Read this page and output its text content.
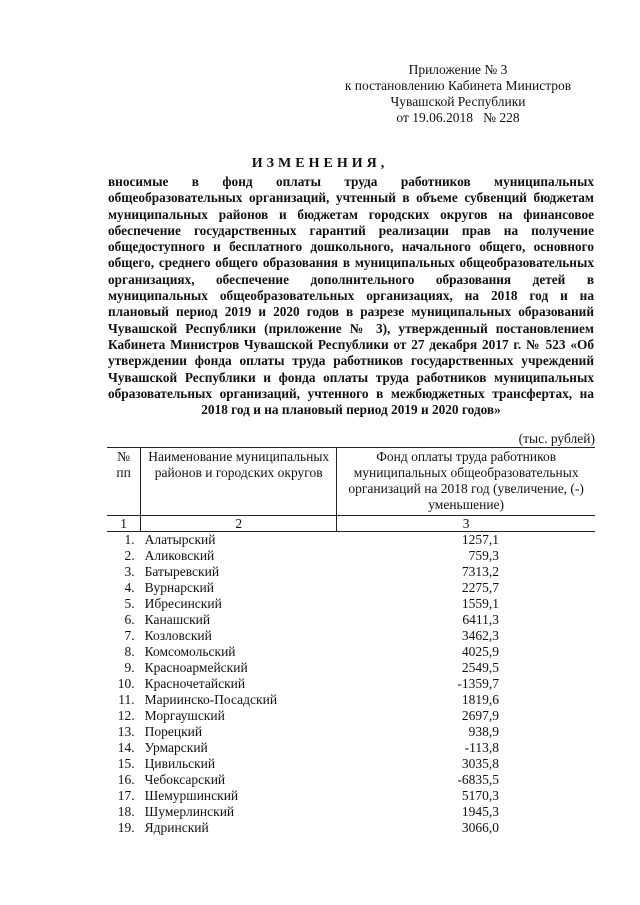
Приложение № 3
к постановлению Кабинета Министров
Чувашской Республики
от 19.06.2018   № 228
ИЗМЕНЕНИЯ,
вносимые в фонд оплаты труда работников муниципальных общеобразовательных организаций, учтенный в объеме субвенций бюджетам муниципальных районов и бюджетам городских округов на финансовое обеспечение государственных гарантий реализации прав на получение общедоступного и бесплатного дошкольного, начального общего, основного общего, среднего общего образования в муниципальных общеобразовательных организациях, обеспечение дополнительного образования детей в муниципальных общеобразовательных организациях, на 2018 год и на плановый период 2019 и 2020 годов в разрезе муниципальных образований Чувашской Республики (приложение № 3), утвержденный постановлением Кабинета Министров Чувашской Республики от 27 декабря 2017 г. № 523 «Об утверждении фонда оплаты труда работников государственных учреждений Чувашской Республики и фонда оплаты труда работников муниципальных образовательных организаций, учтенного в межбюджетных трансфертах, на 2018 год и на плановый период 2019 и 2020 годов»
(тыс. рублей)
№ пп	Наименование муниципальных районов и городских округов	Фонд оплаты труда работников муниципальных общеобразовательных организаций на 2018 год (увеличение, (-) уменьшение)
1	2	3
1.	Алатырский	1257,1
2.	Аликовский	759,3
3.	Батыревский	7313,2
4.	Вурнарский	2275,7
5.	Ибресинский	1559,1
6.	Канашский	6411,3
7.	Козловский	3462,3
8.	Комсомольский	4025,9
9.	Красноармейский	2549,5
10.	Красночетайский	-1359,7
11.	Мариинско-Посадский	1819,6
12.	Моргаушский	2697,9
13.	Порецкий	938,9
14.	Урмарский	-113,8
15.	Цивильский	3035,8
16.	Чебоксарский	-6835,5
17.	Шемуршинский	5170,3
18.	Шумерлинский	1945,3
19.	Ядринский	3066,0
